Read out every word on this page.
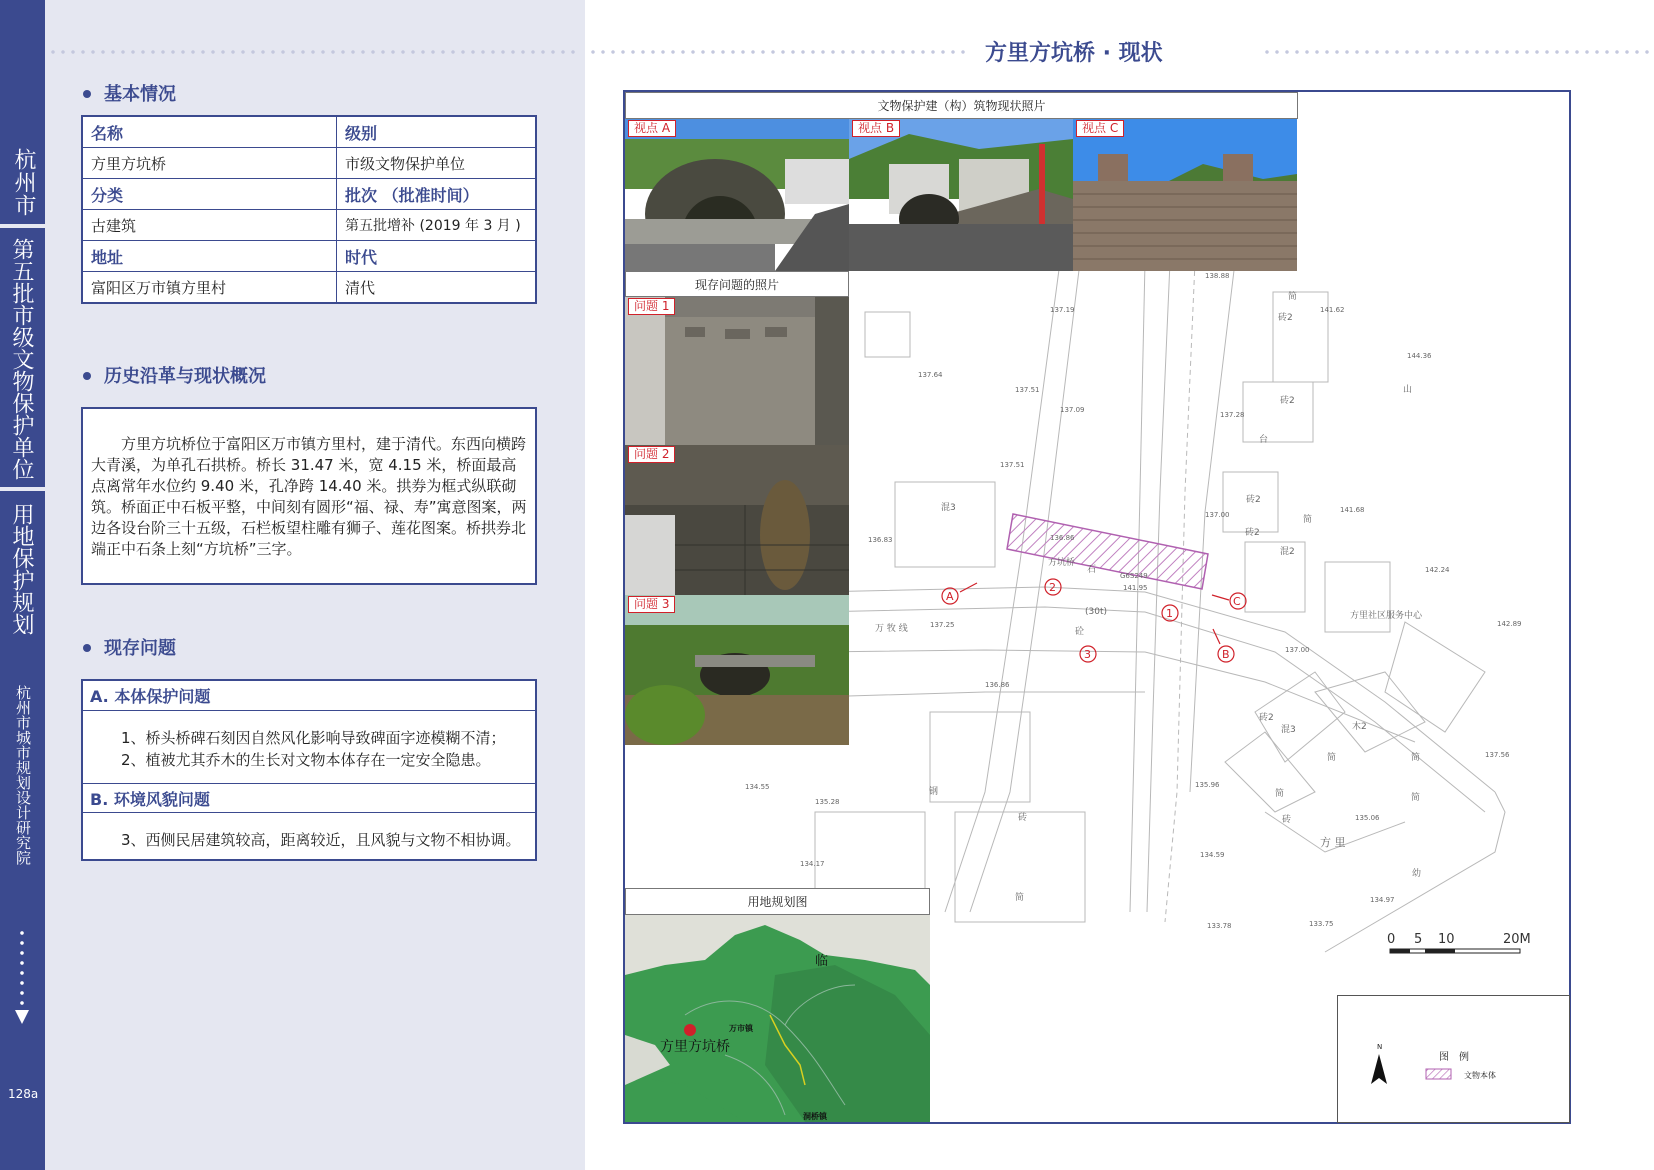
杭州市
第五批市级文物保护单位
用地保护规划
杭州市城市规划设计研究院
128a
基本情况
名称	级别
方里方坑桥	市级文物保护单位
分类	批次 （批准时间）
古建筑	第五批增补 (2019 年 3 月 )
地址	时代
富阳区万市镇方里村	清代
历史沿革与现状概况
方里方坑桥位于富阳区万市镇方里村，建于清代。东西向横跨大青溪，为单孔石拱桥。桥长 31.47 米，宽 4.15 米，桥面最高点离常年水位约 9.40 米，孔净跨 14.40 米。拱券为框式纵联砌筑。桥面正中石板平整，中间刻有圆形“福、禄、寿”寓意图案，两边各设台阶三十五级，石栏板望柱雕有狮子、莲花图案。桥拱券北端正中石条上刻“方坑桥”三字。
现存问题
A. 本体保护问题
1、桥头桥碑石刻因自然风化影响导致碑面字迹模糊不清；
2、植被尤其乔木的生长对文物本体存在一定安全隐患。
B. 环境风貌问题
3、西侧民居建筑较高，距离较近，且风貌与文物不相协调。
方里方坑桥 · 现状
138.88
141.62
144.36
137.19
137.64
137.51
137.09
137.28
137.51
137.00
141.68
136.83	136.86
142.24
137.25	142.89
137.00
136.86
137.56
134.55
135.28
135.96
135.06
134.17
134.59
134.97
133.78	133.75
141.95
简
砖2
山
砖2
台
砖2
简
混3
砖2
混2
方里社区服务中心
方坑桥
石
(30t)
砼
万 牧 线
砖2
混3	木2
简	简
钢
砖
简
简
方 里
幼
简
砖
G6S249
A
B
C
1
2
3
0 5 10	20M
文物保护建（构）筑物现状照片
视点 A	视点 B	视点 C
现存问题的照片
问题 1
问题 2
问题 3
用地规划图
临
万市镇
方里方坑桥
洞桥镇
N
图　例
文物本体
